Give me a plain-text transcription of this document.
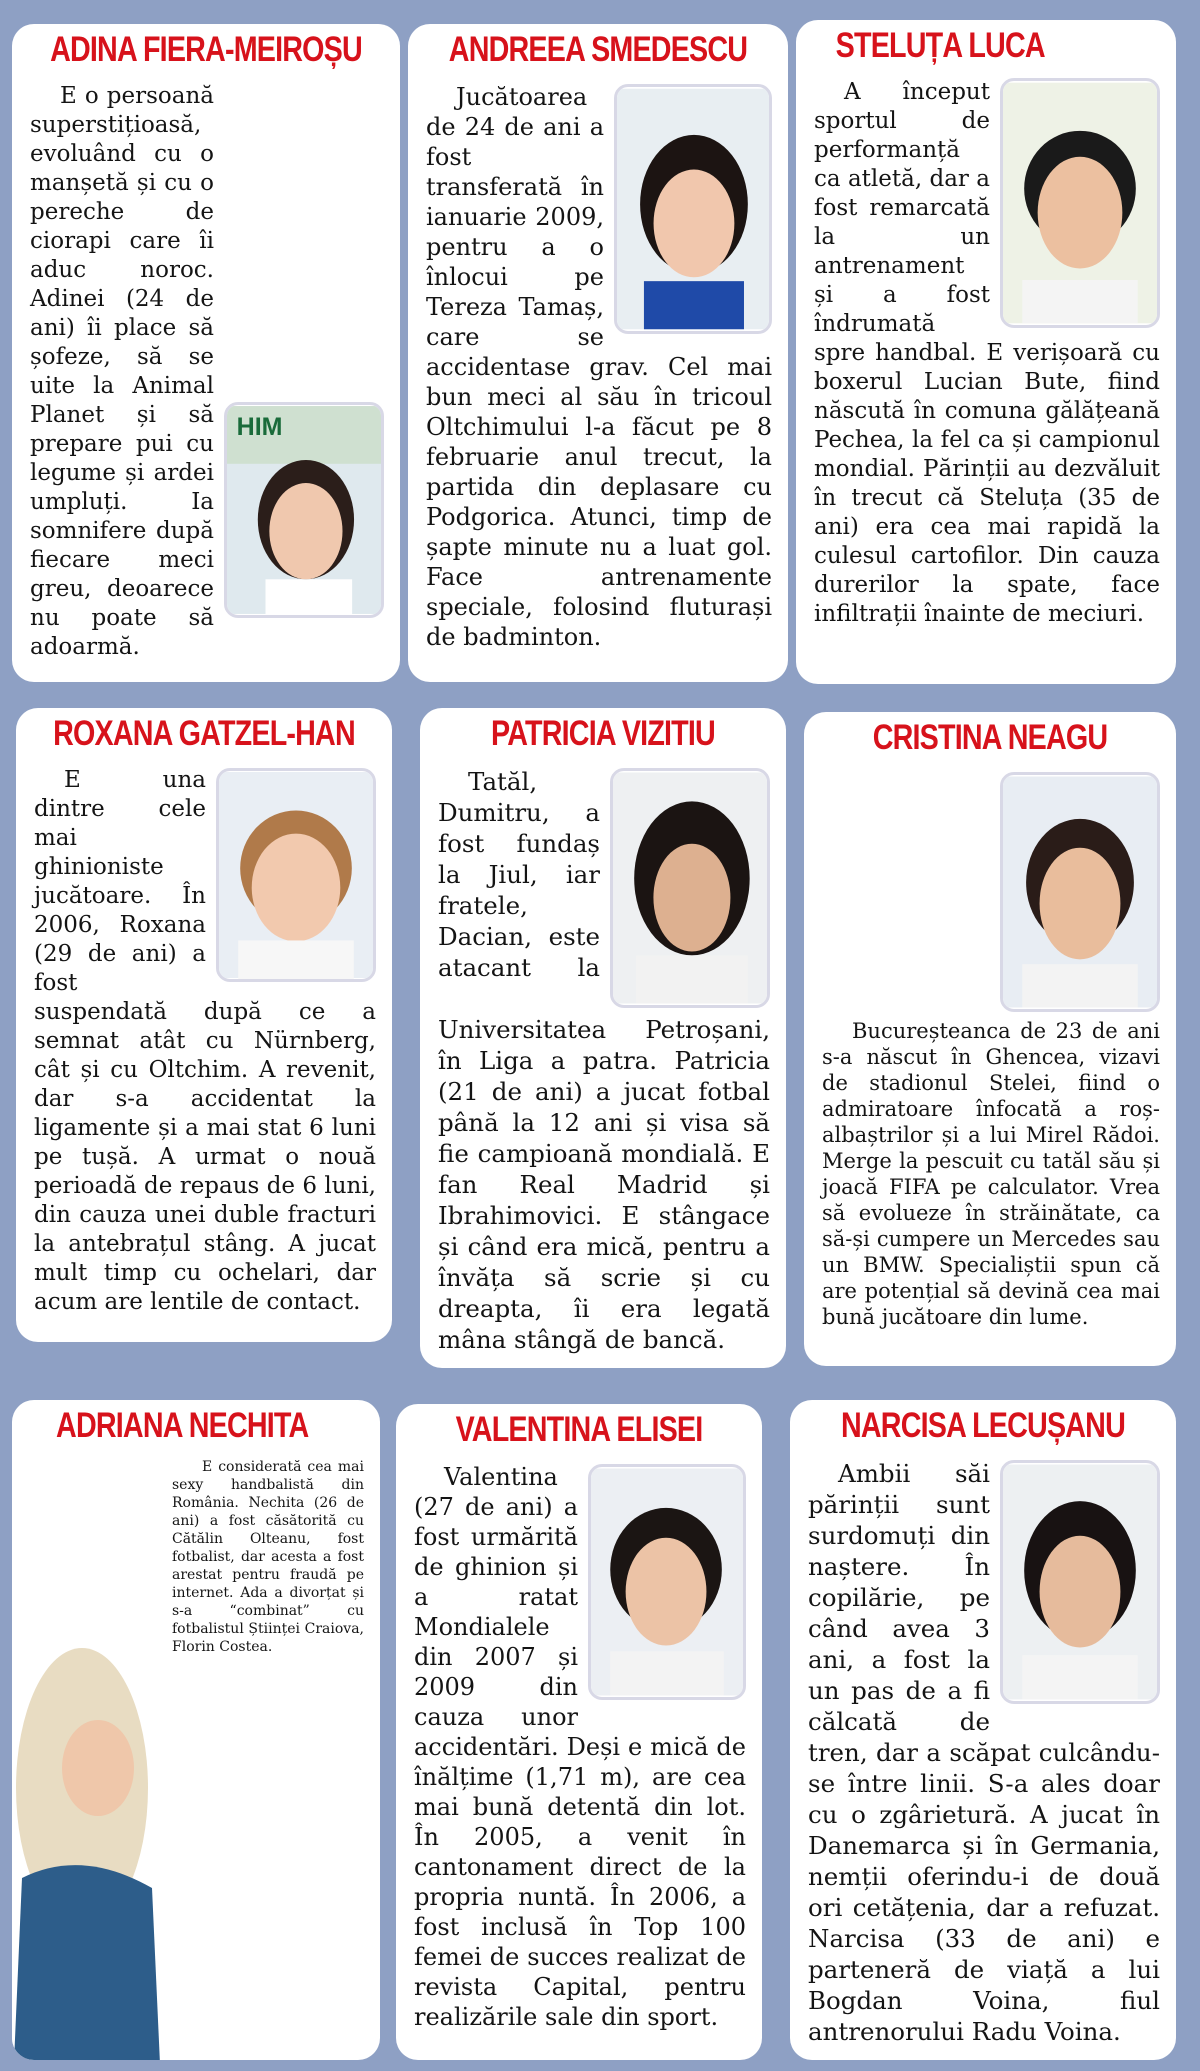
ADINA FIERA-MEIROȘU
HIM
E o persoană superstițioasă, evoluând cu o manșetă și cu o pereche de ciorapi care îi aduc noroc. Adinei (24 de ani) îi place să șofeze, să se uite la Animal Planet și să prepare pui cu legume și ardei umpluți. Ia somnifere după fiecare meci greu, deoarece nu poate să adoarmă.
ANDREEA SMEDESCU
Jucătoarea de 24 de ani a fost transferată în ianuarie 2009, pentru a o înlocui pe Tereza Tamaș, care se accidentase grav. Cel mai bun meci al său în tricoul Oltchimului l-a făcut pe 8 februarie anul trecut, la partida din deplasare cu Podgorica. Atunci, timp de șapte minute nu a luat gol. Face antrenamente speciale, folosind fluturași de badminton.
STELUȚA LUCA
A început sportul de performanță ca atletă, dar a fost remarcată la un antrenament și a fost îndrumată spre handbal. E verișoară cu boxerul Lucian Bute, fiind născută în comuna gălățeană Pechea, la fel ca și campionul mondial. Părinții au dezvăluit în trecut că Steluța (35 de ani) era cea mai rapidă la culesul cartofilor. Din cauza durerilor la spate, face infiltrații înainte de meciuri.
ROXANA GATZEL-HAN
E una dintre cele mai ghinioniste jucătoare. În 2006, Roxana (29 de ani) a fost suspendată după ce a semnat atât cu Nürnberg, cât și cu Oltchim. A revenit, dar s-a accidentat la ligamente și a mai stat 6 luni pe tușă. A urmat o nouă perioadă de repaus de 6 luni, din cauza unei duble fracturi la antebrațul stâng. A jucat mult timp cu ochelari, dar acum are lentile de contact.
PATRICIA VIZITIU
Tatăl, Dumitru, a fost fundaș la Jiul, iar fratele, Dacian, este atacant la Universitatea Petroșani, în Liga a patra. Patricia (21 de ani) a jucat fotbal până la 12 ani și visa să fie campioană mondială. E fan Real Madrid și Ibrahimovici. E stângace și când era mică, pentru a învăța să scrie și cu dreapta, îi era legată mâna stângă de bancă.
CRISTINA NEAGU
Bucureșteanca de 23 de ani s-a născut în Ghencea, vizavi de stadionul Stelei, fiind o admiratoare înfocată a roș-albaștrilor și a lui Mirel Rădoi. Merge la pescuit cu tatăl său și joacă FIFA pe calculator. Vrea să evolueze în străinătate, ca să-și cumpere un Mercedes sau un BMW. Specialiștii spun că are potențial să devină cea mai bună jucătoare din lume.
ADRIANA NECHITA
E considerată cea mai sexy handbalistă din România. Nechita (26 de ani) a fost căsătorită cu Cătălin Olteanu, fost fotbalist, dar acesta a fost arestat pentru fraudă pe internet. Ada a divorțat și s-a “combinat” cu fotbalistul Științei Craiova, Florin Costea.
VALENTINA ELISEI
Valentina (27 de ani) a fost urmărită de ghinion și a ratat Mondialele din 2007 și 2009 din cauza unor accidentări. Deși e mică de înălțime (1,71 m), are cea mai bună detentă din lot. În 2005, a venit în cantonament direct de la propria nuntă. În 2006, a fost inclusă în Top 100 femei de succes realizat de revista Capital, pentru realizările sale din sport.
NARCISA LECUȘANU
Ambii săi părinții sunt surdomuți din naștere. În copilărie, pe când avea 3 ani, a fost la un pas de a fi călcată de tren, dar a scăpat culcându-se între linii. S-a ales doar cu o zgârietură. A jucat în Danemarca și în Germania, nemții oferindu-i de două ori cetățenia, dar a refuzat. Narcisa (33 de ani) e parteneră de viață a lui Bogdan Voina, fiul antrenorului Radu Voina.
